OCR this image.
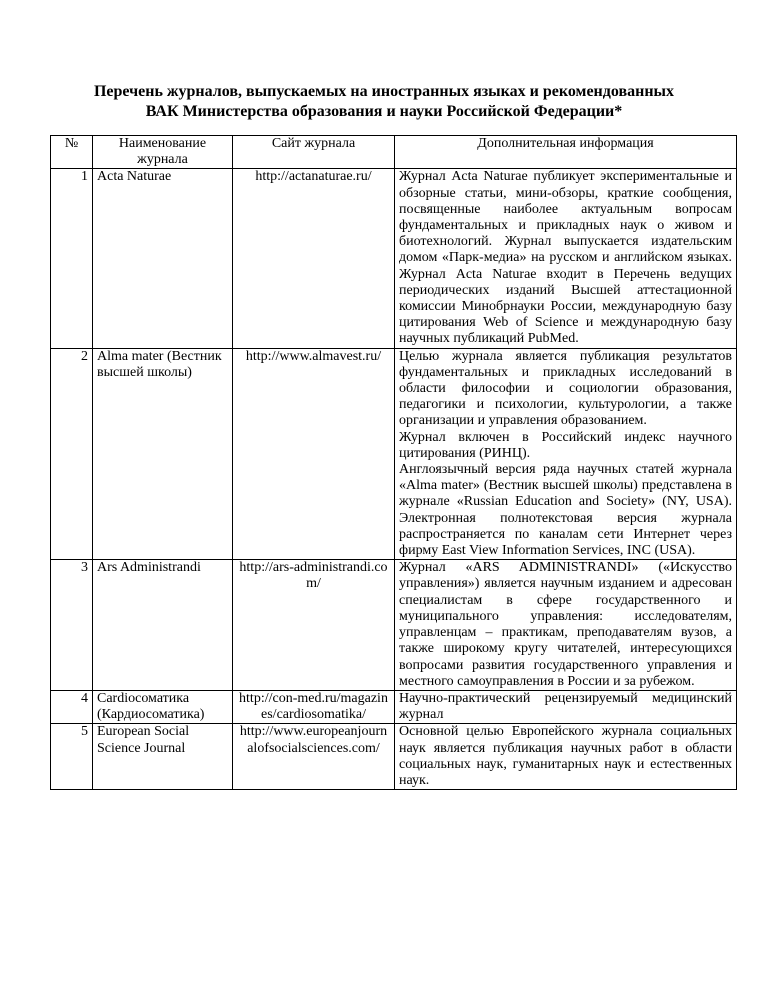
Перечень журналов, выпускаемых на иностранных языках и рекомендованных
ВАК Министерства образования и науки Российской Федерации*
№	Наименование журнала	Сайт журнала	Дополнительная информация
1	Acta Naturae	http://actanaturae.ru/	Журнал Acta Naturae публикует экспериментальные и обзорные статьи, мини-обзоры, краткие сообщения, посвященные наиболее актуальным вопросам фундаментальных и прикладных наук о живом и биотехнологий. Журнал выпускается издательским домом «Парк-медиа» на русском и английском языках. Журнал Acta Naturae входит в Перечень ведущих периодических изданий Высшей аттестационной комиссии Минобрнауки России, международную базу цитирования Web of Science и международную базу научных публикаций PubMed.

2	Alma mater (Вестник высшей школы)	http://www.almavest.ru/	Целью журнала является публикация результатов фундаментальных и прикладных исследований в области философии и социологии образования, педагогики и психологии, культурологии, а также организации и управления образованием.
Журнал включен в Российский индекс научного цитирования (РИНЦ).
Англоязычный версия ряда научных статей журнала «Alma mater» (Вестник высшей школы) представлена в журнале «Russian Education and Society» (NY, USA). Электронная полнотекстовая версия журнала распространяется по каналам сети Интернет через фирму East View Information Services, INC (USA).

3	Ars Administrandi	http://ars-administrandi.com/	Журнал «ARS ADMINISTRANDI» («Искусство управления») является научным изданием и адресован специалистам в сфере государственного и муниципального управления: исследователям, управленцам – практикам, преподавателям вузов, а также широкому кругу читателей, интересующихся вопросами развития государственного управления и местного самоуправления в России и за рубежом.

4	Cardiocоматика (Кардиосоматика)	http://con-med.ru/magazines/cardiosomatika/	Научно-практический рецензируемый медицинский журнал

5	European Social Science Journal	http://www.europeanjournalofsocialsciences.com/	Основной целью Европейского журнала социальных наук является публикация научных работ в области социальных наук, гуманитарных наук и естественных наук.
